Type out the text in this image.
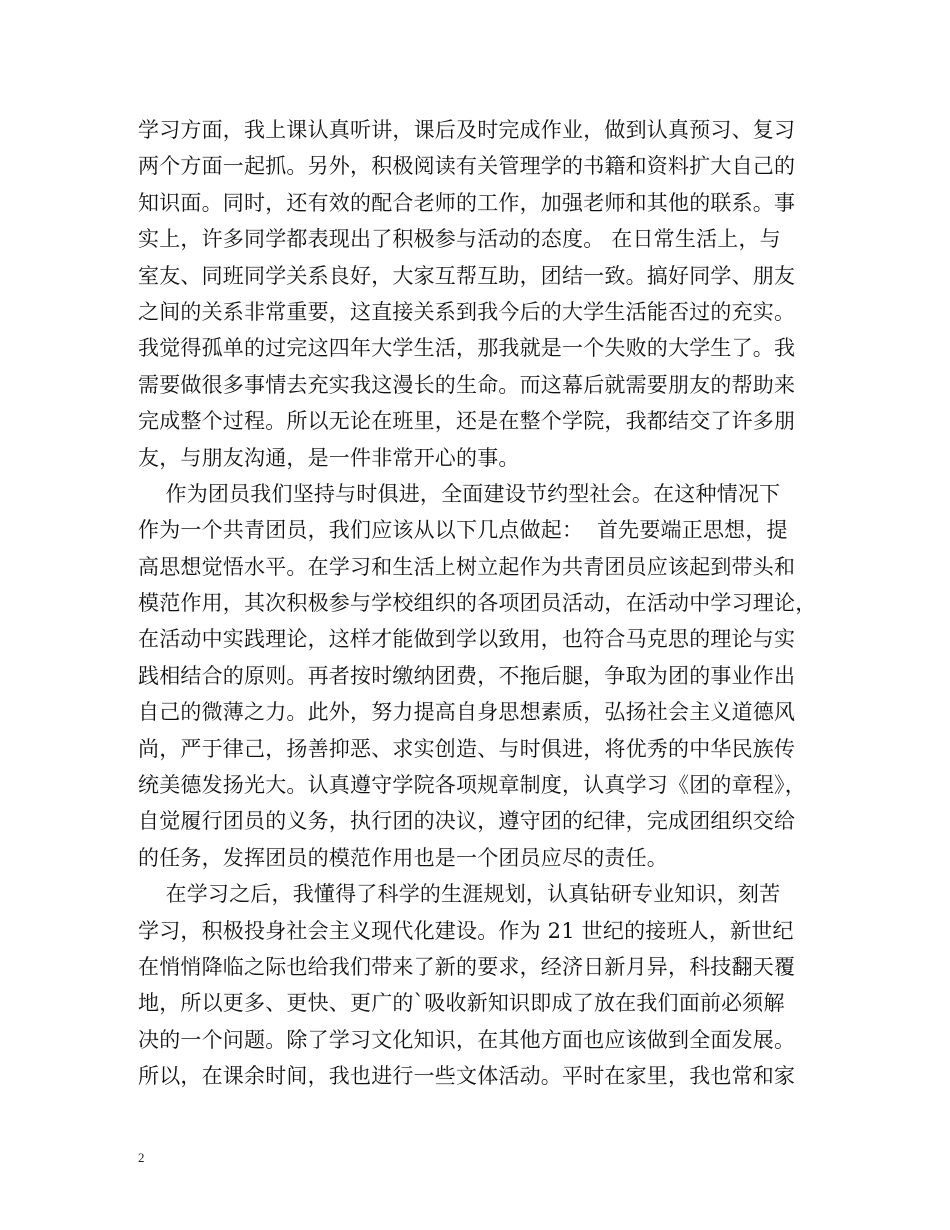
学习方面，我上课认真听讲，课后及时完成作业，做到认真预习、复习
两个方面一起抓。另外，积极阅读有关管理学的书籍和资料扩大自己的
知识面。同时，还有效的配合老师的工作，加强老师和其他的联系。事
实上，许多同学都表现出了积极参与活动的态度。 在日常生活上，与
室友、同班同学关系良好，大家互帮互助，团结一致。搞好同学、朋友
之间的关系非常重要，这直接关系到我今后的大学生活能否过的充实。
我觉得孤单的过完这四年大学生活，那我就是一个失败的大学生了。我
需要做很多事情去充实我这漫长的生命。而这幕后就需要朋友的帮助来
完成整个过程。所以无论在班里，还是在整个学院，我都结交了许多朋
友，与朋友沟通，是一件非常开心的事。

作为团员我们坚持与时俱进，全面建设节约型社会。在这种情况下
作为一个共青团员，我们应该从以下几点做起：  首先要端正思想，提
高思想觉悟水平。在学习和生活上树立起作为共青团员应该起到带头和
模范作用，其次积极参与学校组织的各项团员活动，在活动中学习理论，
在活动中实践理论，这样才能做到学以致用，也符合马克思的理论与实
践相结合的原则。再者按时缴纳团费，不拖后腿，争取为团的事业作出
自己的微薄之力。此外，努力提高自身思想素质，弘扬社会主义道德风
尚，严于律己，扬善抑恶、求实创造、与时俱进，将优秀的中华民族传
统美德发扬光大。认真遵守学院各项规章制度，认真学习《团的章程》，
自觉履行团员的义务，执行团的决议，遵守团的纪律，完成团组织交给
的任务，发挥团员的模范作用也是一个团员应尽的责任。

在学习之后，我懂得了科学的生涯规划，认真钻研专业知识，刻苦
学习，积极投身社会主义现代化建设。作为 21 世纪的接班人，新世纪
在悄悄降临之际也给我们带来了新的要求，经济日新月异，科技翻天覆
地，所以更多、更快、更广的`吸收新知识即成了放在我们面前必须解
决的一个问题。除了学习文化知识，在其他方面也应该做到全面发展。
所以，在课余时间，我也进行一些文体活动。平时在家里，我也常和家

2
